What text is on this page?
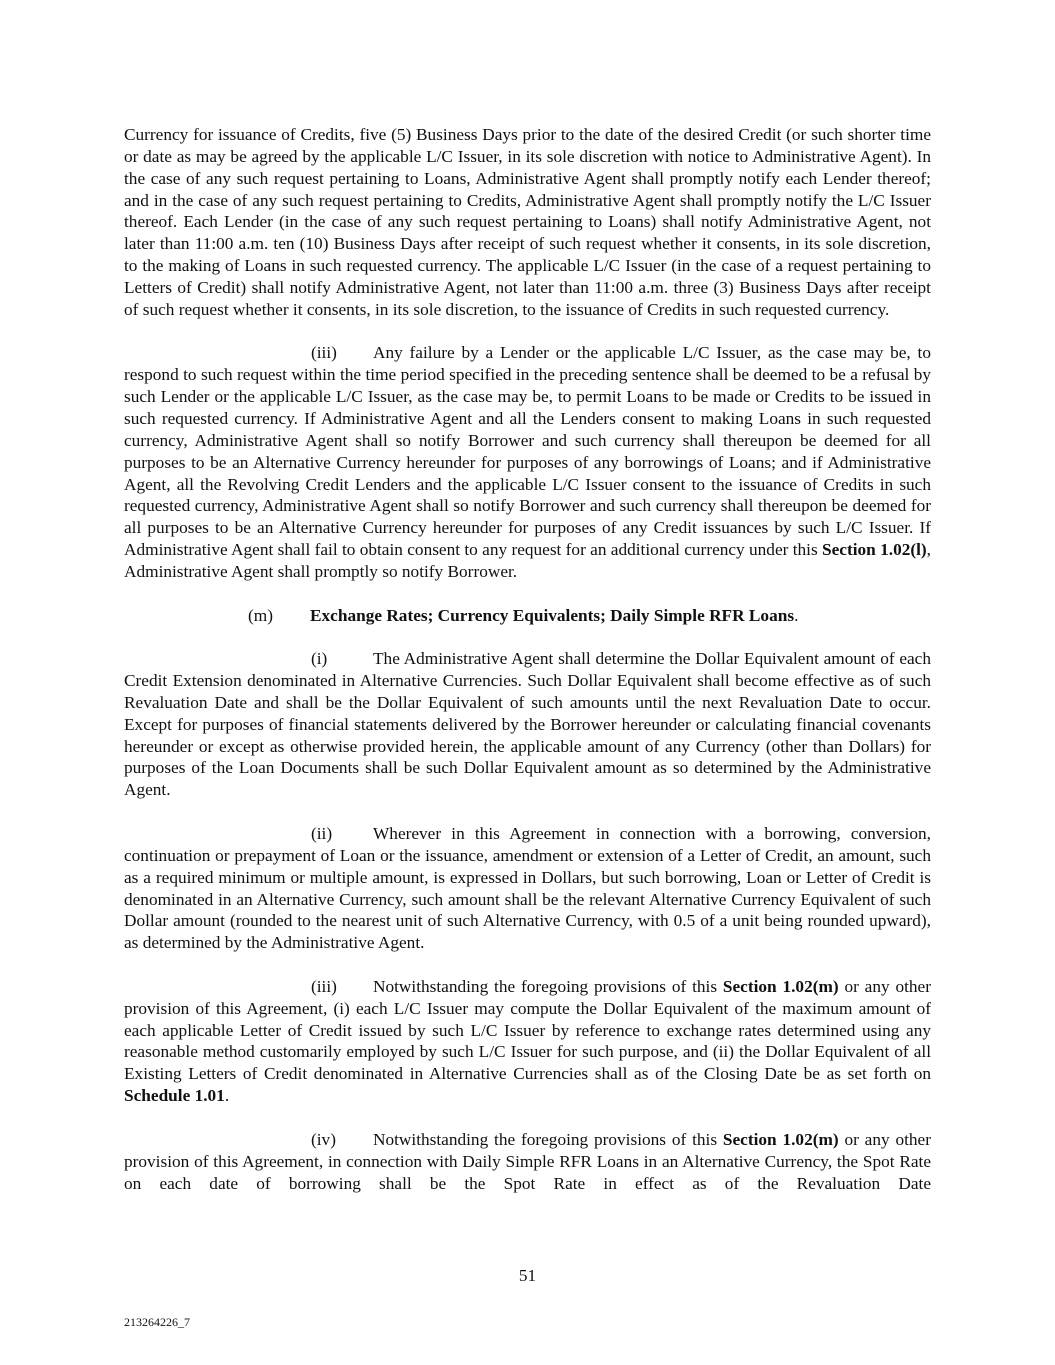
Currency for issuance of Credits, five (5) Business Days prior to the date of the desired Credit (or such shorter time or date as may be agreed by the applicable L/C Issuer, in its sole discretion with notice to Administrative Agent). In the case of any such request pertaining to Loans, Administrative Agent shall promptly notify each Lender thereof; and in the case of any such request pertaining to Credits, Administrative Agent shall promptly notify the L/C Issuer thereof. Each Lender (in the case of any such request pertaining to Loans) shall notify Administrative Agent, not later than 11:00 a.m. ten (10) Business Days after receipt of such request whether it consents, in its sole discretion, to the making of Loans in such requested currency. The applicable L/C Issuer (in the case of a request pertaining to Letters of Credit) shall notify Administrative Agent, not later than 11:00 a.m. three (3) Business Days after receipt of such request whether it consents, in its sole discretion, to the issuance of Credits in such requested currency.

(iii) Any failure by a Lender or the applicable L/C Issuer, as the case may be, to respond to such request within the time period specified in the preceding sentence shall be deemed to be a refusal by such Lender or the applicable L/C Issuer, as the case may be, to permit Loans to be made or Credits to be issued in such requested currency. If Administrative Agent and all the Lenders consent to making Loans in such requested currency, Administrative Agent shall so notify Borrower and such currency shall thereupon be deemed for all purposes to be an Alternative Currency hereunder for purposes of any borrowings of Loans; and if Administrative Agent, all the Revolving Credit Lenders and the applicable L/C Issuer consent to the issuance of Credits in such requested currency, Administrative Agent shall so notify Borrower and such currency shall thereupon be deemed for all purposes to be an Alternative Currency hereunder for purposes of any Credit issuances by such L/C Issuer. If Administrative Agent shall fail to obtain consent to any request for an additional currency under this Section 1.02(l), Administrative Agent shall promptly so notify Borrower.

(m) Exchange Rates; Currency Equivalents; Daily Simple RFR Loans.

(i)	The Administrative Agent shall determine the Dollar Equivalent amount of each Credit Extension denominated in Alternative Currencies. Such Dollar Equivalent shall become effective as of such Revaluation Date and shall be the Dollar Equivalent of such amounts until the next Revaluation Date to occur. Except for purposes of financial statements delivered by the Borrower hereunder or calculating financial covenants hereunder or except as otherwise provided herein, the applicable amount of any Currency (other than Dollars) for purposes of the Loan Documents shall be such Dollar Equivalent amount as so determined by the Administrative Agent.

(ii) Wherever in this Agreement in connection with a borrowing, conversion, continuation or prepayment of Loan or the issuance, amendment or extension of a Letter of Credit, an amount, such as a required minimum or multiple amount, is expressed in Dollars, but such borrowing, Loan or Letter of Credit is denominated in an Alternative Currency, such amount shall be the relevant Alternative Currency Equivalent of such Dollar amount (rounded to the nearest unit of such Alternative Currency, with 0.5 of a unit being rounded upward), as determined by the Administrative Agent.

(iii) Notwithstanding the foregoing provisions of this Section 1.02(m) or any other provision of this Agreement, (i) each L/C Issuer may compute the Dollar Equivalent of the maximum amount of each applicable Letter of Credit issued by such L/C Issuer by reference to exchange rates determined using any reasonable method customarily employed by such L/C Issuer for such purpose, and (ii) the Dollar Equivalent of all Existing Letters of Credit denominated in Alternative Currencies shall as of the Closing Date be as set forth on Schedule 1.01.

(iv) Notwithstanding the foregoing provisions of this Section 1.02(m) or any other provision of this Agreement, in connection with Daily Simple RFR Loans in an Alternative Currency, the Spot Rate on each date of borrowing shall be the Spot Rate in effect as of the Revaluation Date

51
213264226_7
